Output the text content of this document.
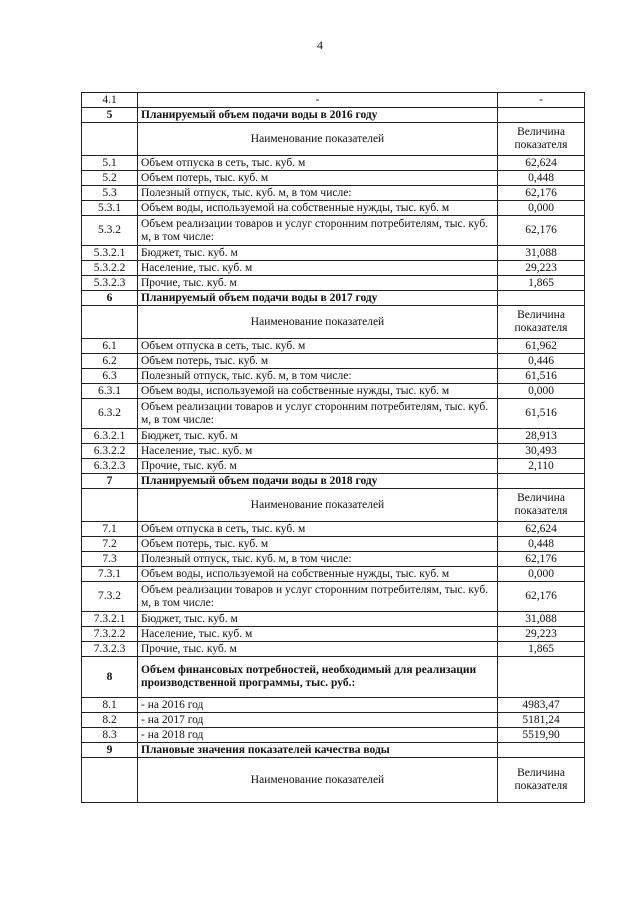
4
4.1	-	-
5	Планируемый объем подачи воды в 2016 году	
	Наименование показателей	Величина показателя
5.1	Объем отпуска в сеть, тыс. куб. м	62,624
5.2	Объем потерь, тыс. куб. м	0,448
5.3	Полезный отпуск, тыс. куб. м, в том числе:	62,176
5.3.1	Объем воды, используемой на собственные нужды, тыс. куб. м	0,000
5.3.2	Объем реализации товаров и услуг сторонним потребителям, тыс. куб. м, в том числе:	62,176
5.3.2.1	Бюджет, тыс. куб. м	31,088
5.3.2.2	Население, тыс. куб. м	29,223
5.3.2.3	Прочие, тыс. куб. м	1,865
6	Планируемый объем подачи воды в 2017 году	
	Наименование показателей	Величина показателя
6.1	Объем отпуска в сеть, тыс. куб. м	61,962
6.2	Объем потерь, тыс. куб. м	0,446
6.3	Полезный отпуск, тыс. куб. м, в том числе:	61,516
6.3.1	Объем воды, используемой на собственные нужды, тыс. куб. м	0,000
6.3.2	Объем реализации товаров и услуг сторонним потребителям, тыс. куб. м, в том числе:	61,516
6.3.2.1	Бюджет, тыс. куб. м	28,913
6.3.2.2	Население, тыс. куб. м	30,493
6.3.2.3	Прочие, тыс. куб. м	2,110
7	Планируемый объем подачи воды в 2018 году	
	Наименование показателей	Величина показателя
7.1	Объем отпуска в сеть, тыс. куб. м	62,624
7.2	Объем потерь, тыс. куб. м	0,448
7.3	Полезный отпуск, тыс. куб. м, в том числе:	62,176
7.3.1	Объем воды, используемой на собственные нужды, тыс. куб. м	0,000
7.3.2	Объем реализации товаров и услуг сторонним потребителям, тыс. куб. м, в том числе:	62,176
7.3.2.1	Бюджет, тыс. куб. м	31,088
7.3.2.2	Население, тыс. куб. м	29,223
7.3.2.3	Прочие, тыс. куб. м	1,865
8	Объем финансовых потребностей, необходимый для реализации производственной программы, тыс. руб.:	
8.1	- на 2016 год	4983,47
8.2	- на 2017 год	5181,24
8.3	- на 2018 год	5519,90
9	Плановые значения показателей качества воды	
	Наименование показателей	Величина показателя
